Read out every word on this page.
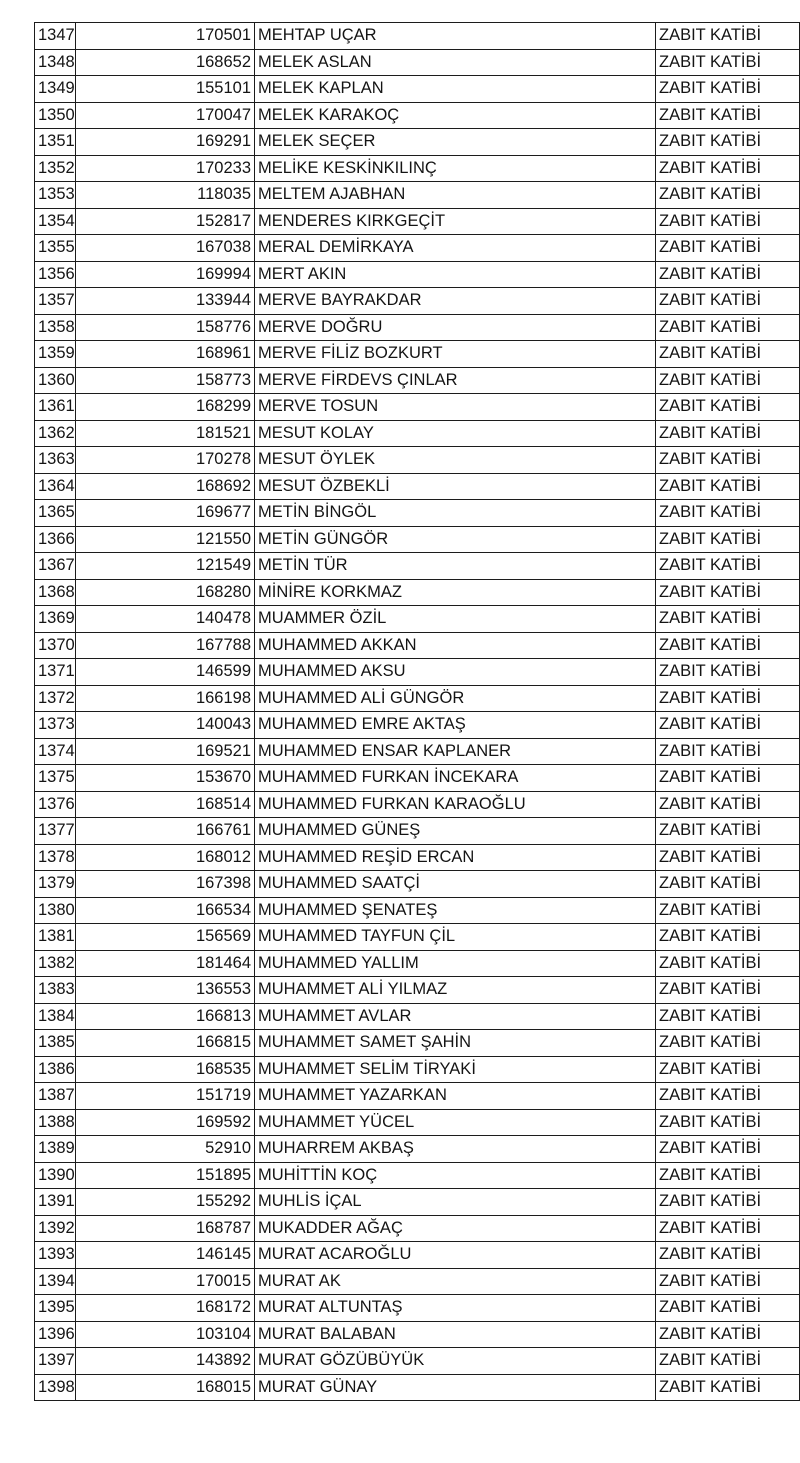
1347	170501	MEHTAP UÇAR	ZABIT KATİBİ
1348	168652	MELEK ASLAN	ZABIT KATİBİ
1349	155101	MELEK KAPLAN	ZABIT KATİBİ
1350	170047	MELEK KARAKOÇ	ZABIT KATİBİ
1351	169291	MELEK SEÇER	ZABIT KATİBİ
1352	170233	MELİKE KESKİNKILINÇ	ZABIT KATİBİ
1353	118035	MELTEM AJABHAN	ZABIT KATİBİ
1354	152817	MENDERES KIRKGEÇİT	ZABIT KATİBİ
1355	167038	MERAL DEMİRKAYA	ZABIT KATİBİ
1356	169994	MERT AKIN	ZABIT KATİBİ
1357	133944	MERVE BAYRAKDAR	ZABIT KATİBİ
1358	158776	MERVE DOĞRU	ZABIT KATİBİ
1359	168961	MERVE FİLİZ BOZKURT	ZABIT KATİBİ
1360	158773	MERVE FİRDEVS ÇINLAR	ZABIT KATİBİ
1361	168299	MERVE TOSUN	ZABIT KATİBİ
1362	181521	MESUT KOLAY	ZABIT KATİBİ
1363	170278	MESUT ÖYLEK	ZABIT KATİBİ
1364	168692	MESUT ÖZBEKLİ	ZABIT KATİBİ
1365	169677	METİN BİNGÖL	ZABIT KATİBİ
1366	121550	METİN GÜNGÖR	ZABIT KATİBİ
1367	121549	METİN TÜR	ZABIT KATİBİ
1368	168280	MİNİRE KORKMAZ	ZABIT KATİBİ
1369	140478	MUAMMER ÖZİL	ZABIT KATİBİ
1370	167788	MUHAMMED AKKAN	ZABIT KATİBİ
1371	146599	MUHAMMED AKSU	ZABIT KATİBİ
1372	166198	MUHAMMED ALİ GÜNGÖR	ZABIT KATİBİ
1373	140043	MUHAMMED EMRE AKTAŞ	ZABIT KATİBİ
1374	169521	MUHAMMED ENSAR KAPLANER	ZABIT KATİBİ
1375	153670	MUHAMMED FURKAN İNCEKARA	ZABIT KATİBİ
1376	168514	MUHAMMED FURKAN KARAOĞLU	ZABIT KATİBİ
1377	166761	MUHAMMED GÜNEŞ	ZABIT KATİBİ
1378	168012	MUHAMMED REŞİD ERCAN	ZABIT KATİBİ
1379	167398	MUHAMMED SAATÇİ	ZABIT KATİBİ
1380	166534	MUHAMMED ŞENATEŞ	ZABIT KATİBİ
1381	156569	MUHAMMED TAYFUN ÇİL	ZABIT KATİBİ
1382	181464	MUHAMMED YALLIM	ZABIT KATİBİ
1383	136553	MUHAMMET ALİ YILMAZ	ZABIT KATİBİ
1384	166813	MUHAMMET AVLAR	ZABIT KATİBİ
1385	166815	MUHAMMET SAMET ŞAHİN	ZABIT KATİBİ
1386	168535	MUHAMMET SELİM TİRYAKİ	ZABIT KATİBİ
1387	151719	MUHAMMET YAZARKAN	ZABIT KATİBİ
1388	169592	MUHAMMET YÜCEL	ZABIT KATİBİ
1389	52910	MUHARREM AKBAŞ	ZABIT KATİBİ
1390	151895	MUHİTTİN KOÇ	ZABIT KATİBİ
1391	155292	MUHLİS İÇAL	ZABIT KATİBİ
1392	168787	MUKADDER AĞAÇ	ZABIT KATİBİ
1393	146145	MURAT ACAROĞLU	ZABIT KATİBİ
1394	170015	MURAT AK	ZABIT KATİBİ
1395	168172	MURAT ALTUNTAŞ	ZABIT KATİBİ
1396	103104	MURAT BALABAN	ZABIT KATİBİ
1397	143892	MURAT GÖZÜBÜYÜK	ZABIT KATİBİ
1398	168015	MURAT GÜNAY	ZABIT KATİBİ
